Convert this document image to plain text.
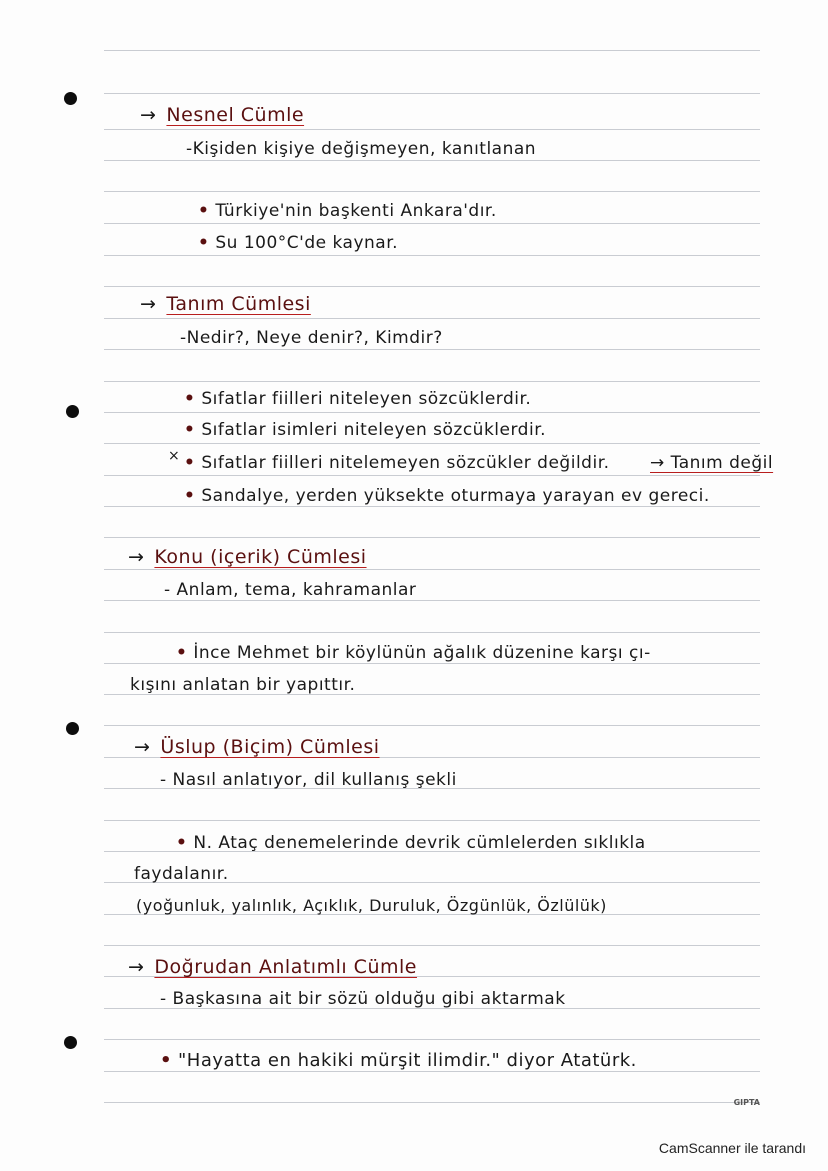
→ Nesnel Cümle
-Kişiden kişiye değişmeyen, kanıtlanan
• Türkiye'nin başkenti Ankara'dır.
• Su 100°C'de kaynar.
→ Tanım Cümlesi
-Nedir?, Neye denir?, Kimdir?
• Sıfatlar fiilleri niteleyen sözcüklerdir.
• Sıfatlar isimleri niteleyen sözcüklerdir.
× • Sıfatlar fiilleri nitelemeyen sözcükler değildir. → Tanım değil
• Sandalye, yerden yüksekte oturmaya yarayan ev gereci.
→ Konu (içerik) Cümlesi
- Anlam, tema, kahramanlar
• İnce Mehmet bir köylünün ağalık düzenine karşı çı-
kışını anlatan bir yapıttır.
→ Üslup (Biçim) Cümlesi
- Nasıl anlatıyor, dil kullanış şekli
• N. Ataç denemelerinde devrik cümlelerden sıklıkla
faydalanır.
(yoğunluk, yalınlık, Açıklık, Duruluk, Özgünlük, Özlülük)
→ Doğrudan Anlatımlı Cümle
- Başkasına ait bir sözü olduğu gibi aktarmak
• "Hayatta en hakiki mürşit ilimdir." diyor Atatürk.
GIPTA
CamScanner ile tarandı
